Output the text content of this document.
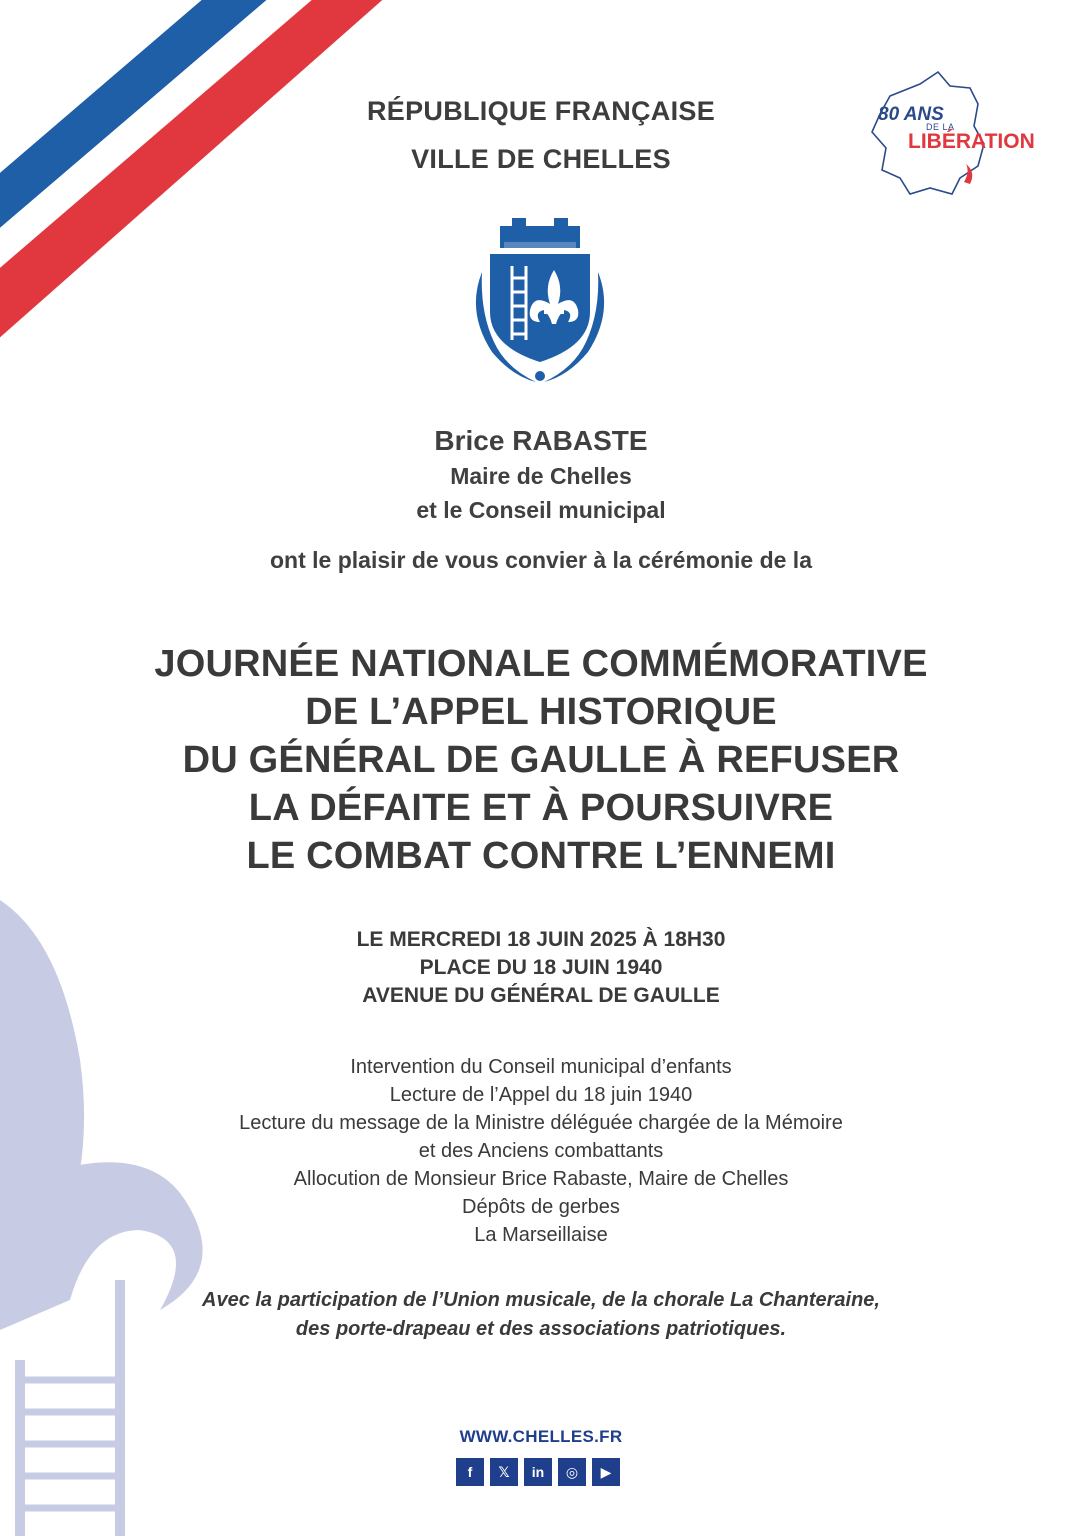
RÉPUBLIQUE FRANÇAISE
VILLE DE CHELLES
80 ANS
DE LA
LIBÉRATION
Brice RABASTE
Maire de Chelles
et le Conseil municipal
ont le plaisir de vous convier à la cérémonie de la
JOURNÉE NATIONALE COMMÉMORATIVE
DE L’APPEL HISTORIQUE
DU GÉNÉRAL DE GAULLE À REFUSER
LA DÉFAITE ET À POURSUIVRE
LE COMBAT CONTRE L’ENNEMI
LE MERCREDI 18 JUIN 2025 À 18H30
PLACE DU 18 JUIN 1940
AVENUE DU GÉNÉRAL DE GAULLE
Intervention du Conseil municipal d’enfants
Lecture de l’Appel du 18 juin 1940
Lecture du message de la Ministre déléguée chargée de la Mémoire
et des Anciens combattants
Allocution de Monsieur Brice Rabaste, Maire de Chelles
Dépôts de gerbes
La Marseillaise
Avec la participation de l’Union musicale, de la chorale La Chanteraine,
des porte-drapeau et des associations patriotiques.
WWW.CHELLES.FR
f	𝕏	in	◎	▶
